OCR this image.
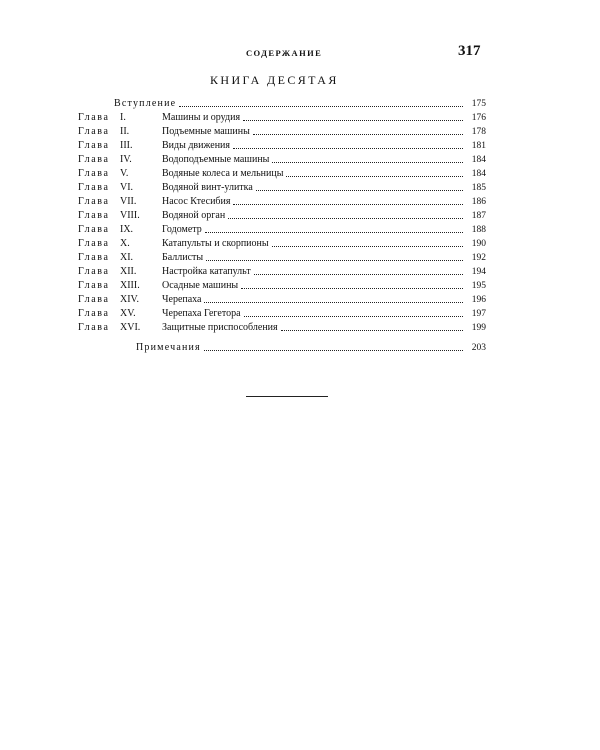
СОДЕРЖАНИЕ	317
КНИГА ДЕСЯТАЯ
Вступление	175
Глава	I.	Машины и орудия	176
Глава	II.	Подъемные машины	178
Глава	III.	Виды движения	181
Глава	IV.	Водоподъемные машины	184
Глава	V.	Водяные колеса и мельницы	184
Глава	VI.	Водяной винт-улитка	185
Глава	VII.	Насос Ктесибия	186
Глава	VIII.	Водяной орган	187
Глава	IX.	Годометр	188
Глава	X.	Катапульты и скорпионы	190
Глава	XI.	Баллисты	192
Глава	XII.	Настройка катапульт	194
Глава	XIII.	Осадные машины	195
Глава	XIV.	Черепаха	196
Глава	XV.	Черепаха Гегетора	197
Глава	XVI.	Защитные приспособления	199
Примечания	203
